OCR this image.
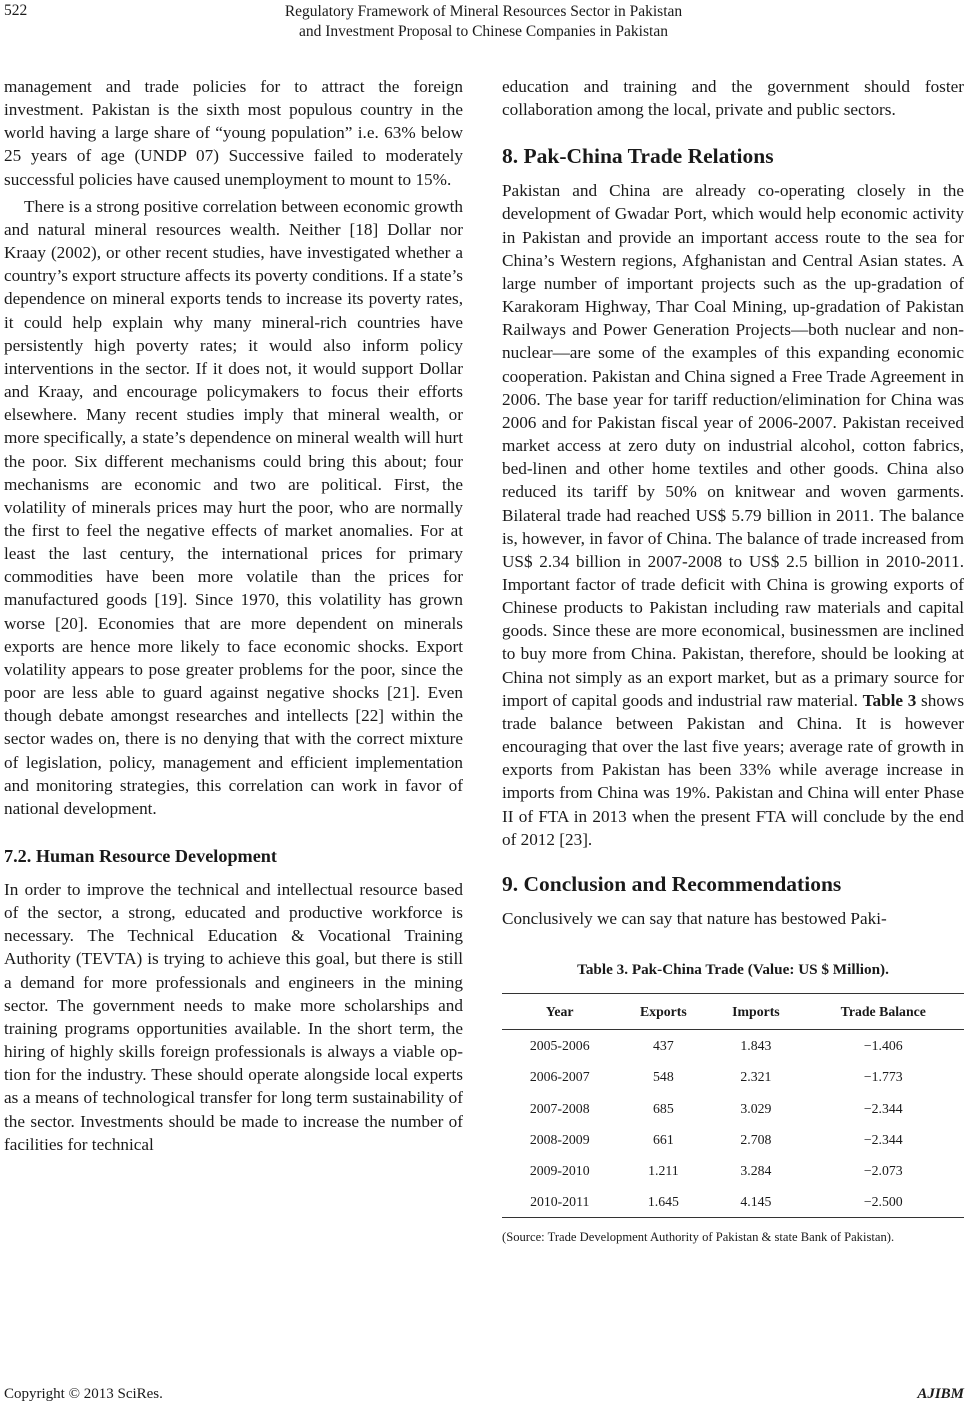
522	Regulatory Framework of Mineral Resources Sector in Pakistan
and Investment Proposal to Chinese Companies in Pakistan

management and trade policies for to attract the foreign investment. Pakistan is the sixth most populous country in the world having a large share of “young population” i.e. 63% below 25 years of age (UNDP 07) Successive failed to moderately successful policies have caused unemployment to mount to 15%.

There is a strong positive correlation between economic growth and natural mineral resources wealth. Neither [18] Dollar nor Kraay (2002), or other recent studies, have investigated whether a country’s export structure affects its poverty conditions. If a state’s dependence on mineral exports tends to increase its poverty rates, it could help explain why many mineral-rich countries have persistently high poverty rates; it would also inform policy interventions in the sector. If it does not, it would support Dollar and Kraay, and encourage policymakers to focus their efforts elsewhere. Many recent studies imply that mineral wealth, or more specifically, a state’s dependence on mineral wealth will hurt the poor. Six different mechanisms could bring this about; four mechanisms are economic and two are political. First, the volatility of minerals prices may hurt the poor, who are normally the first to feel the negative effects of market anomalies. For at least the last century, the international prices for primary commodities have been more volatile than the prices for manufactured goods [19]. Since 1970, this volatility has grown worse [20]. Economies that are more dependent on minerals exports are hence more likely to face economic shocks. Export volatility appears to pose greater problems for the poor, since the poor are less able to guard against negative shocks [21]. Even though debate amongst researches and intellects [22] within the sector wades on, there is no denying that with the correct mixture of legislation, policy, management and efficient implementation and monitoring strategies, this correlation can work in favor of national development.

7.2. Human Resource Development

In order to improve the technical and intellectual resource based of the sector, a strong, educated and productive workforce is necessary. The Technical Education & Vocational Training Authority (TEVTA) is trying to achieve this goal, but there is still a demand for more professionals and engineers in the mining sector. The government needs to make more scholarships and training programs opportunities available. In the short term, the hiring of highly skills foreign professionals is always a viable option for the industry. These should operate alongside local experts as a means of technological transfer for long term sustainability of the sector. Investments should be made to increase the number of facilities for technical

education and training and the government should foster collaboration among the local, private and public sectors.

8. Pak-China Trade Relations

Pakistan and China are already co-operating closely in the development of Gwadar Port, which would help economic activity in Pakistan and provide an important access route to the sea for China’s Western regions, Afghanistan and Central Asian states. A large number of important projects such as the up-gradation of Karakoram Highway, Thar Coal Mining, up-gradation of Pakistan Railways and Power Generation Projects—both nuclear and non-nuclear—are some of the examples of this expanding economic cooperation. Pakistan and China signed a Free Trade Agreement in 2006. The base year for tariff reduction/elimination for China was 2006 and for Pakistan fiscal year of 2006-2007. Pakistan received market access at zero duty on industrial alcohol, cotton fabrics, bed-linen and other home textiles and other goods. China also reduced its tariff by 50% on knitwear and woven garments. Bilateral trade had reached US$ 5.79 billion in 2011. The balance is, however, in favor of China. The balance of trade increased from US$ 2.34 billion in 2007-2008 to US$ 2.5 billion in 2010-2011. Important factor of trade deficit with China is growing exports of Chinese products to Pakistan including raw materials and capital goods. Since these are more economical, businessmen are inclined to buy more from China. Pakistan, therefore, should be looking at China not simply as an export market, but as a primary source for import of capital goods and industrial raw material. Table 3 shows trade balance between Pakistan and China. It is however encouraging that over the last five years; average rate of growth in exports from Pakistan has been 33% while average increase in imports from China was 19%. Pakistan and China will enter Phase II of FTA in 2013 when the present FTA will conclude by the end of 2012 [23].

9. Conclusion and Recommendations

Conclusively we can say that nature has bestowed Paki-

Table 3. Pak-China Trade (Value: US $ Million).
Year	Exports	Imports	Trade Balance
2005-2006	437	1.843	−1.406
2006-2007	548	2.321	−1.773
2007-2008	685	3.029	−2.344
2008-2009	661	2.708	−2.344
2009-2010	1.211	3.284	−2.073
2010-2011	1.645	4.145	−2.500
(Source: Trade Development Authority of Pakistan & state Bank of Pakistan).
Copyright © 2013 SciRes.	AJIBM
